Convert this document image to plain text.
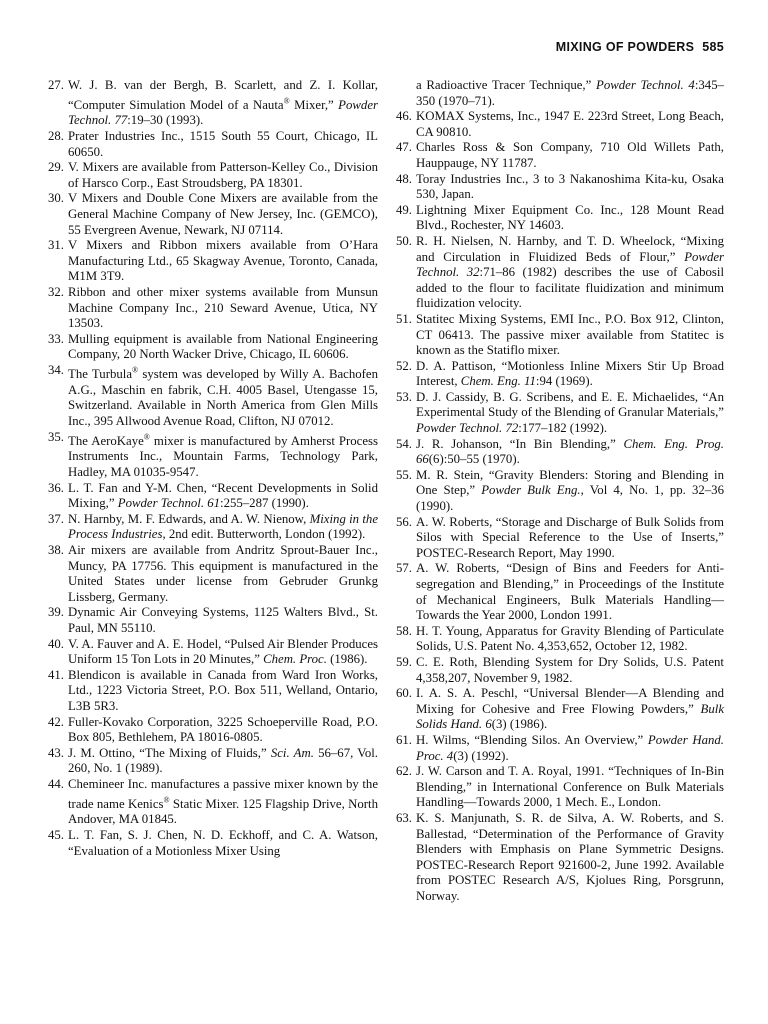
MIXING OF POWDERS 585
27. W. J. B. van der Bergh, B. Scarlett, and Z. I. Kollar, “Computer Simulation Model of a Nauta® Mixer,” Powder Technol. 77:19–30 (1993).
28. Prater Industries Inc., 1515 South 55 Court, Chicago, IL 60650.
29. V. Mixers are available from Patterson-Kelley Co., Division of Harsco Corp., East Stroudsberg, PA 18301.
30. V Mixers and Double Cone Mixers are available from the General Machine Company of New Jersey, Inc. (GEMCO), 55 Evergreen Avenue, Newark, NJ 07114.
31. V Mixers and Ribbon mixers available from O’Hara Manufacturing Ltd., 65 Skagway Avenue, Toronto, Canada, M1M 3T9.
32. Ribbon and other mixer systems available from Munsun Machine Company Inc., 210 Seward Avenue, Utica, NY 13503.
33. Mulling equipment is available from National Engineering Company, 20 North Wacker Drive, Chicago, IL 60606.
34. The Turbula® system was developed by Willy A. Bachofen A.G., Maschin en fabrik, C.H. 4005 Basel, Utengasse 15, Switzerland. Available in North America from Glen Mills Inc., 395 Allwood Avenue Road, Clifton, NJ 07012.
35. The AeroKaye® mixer is manufactured by Amherst Process Instruments Inc., Mountain Farms, Technology Park, Hadley, MA 01035-9547.
36. L. T. Fan and Y-M. Chen, “Recent Developments in Solid Mixing,” Powder Technol. 61:255–287 (1990).
37. N. Harnby, M. F. Edwards, and A. W. Nienow, Mixing in the Process Industries, 2nd edit. Butterworth, London (1992).
38. Air mixers are available from Andritz Sprout-Bauer Inc., Muncy, PA 17756. This equipment is manufactured in the United States under license from Gebruder Grunkg Lissberg, Germany.
39. Dynamic Air Conveying Systems, 1125 Walters Blvd., St. Paul, MN 55110.
40. V. A. Fauver and A. E. Hodel, “Pulsed Air Blender Produces Uniform 15 Ton Lots in 20 Minutes,” Chem. Proc. (1986).
41. Blendicon is available in Canada from Ward Iron Works, Ltd., 1223 Victoria Street, P.O. Box 511, Welland, Ontario, L3B 5R3.
42. Fuller-Kovako Corporation, 3225 Schoeperville Road, P.O. Box 805, Bethlehem, PA 18016-0805.
43. J. M. Ottino, “The Mixing of Fluids,” Sci. Am. 56–67, Vol. 260, No. 1 (1989).
44. Chemineer Inc. manufactures a passive mixer known by the trade name Kenics® Static Mixer. 125 Flagship Drive, North Andover, MA 01845.
45. L. T. Fan, S. J. Chen, N. D. Eckhoff, and C. A. Watson, “Evaluation of a Motionless Mixer Using
a Radioactive Tracer Technique,” Powder Technol. 4:345–350 (1970–71).
46. KOMAX Systems, Inc., 1947 E. 223rd Street, Long Beach, CA 90810.
47. Charles Ross & Son Company, 710 Old Willets Path, Hauppauge, NY 11787.
48. Toray Industries Inc., 3 to 3 Nakanoshima Kita-ku, Osaka 530, Japan.
49. Lightning Mixer Equipment Co. Inc., 128 Mount Read Blvd., Rochester, NY 14603.
50. R. H. Nielsen, N. Harnby, and T. D. Wheelock, “Mixing and Circulation in Fluidized Beds of Flour,” Powder Technol. 32:71–86 (1982) describes the use of Cabosil added to the flour to facilitate fluidization and minimum fluidization velocity.
51. Statitec Mixing Systems, EMI Inc., P.O. Box 912, Clinton, CT 06413. The passive mixer available from Statitec is known as the Statiflo mixer.
52. D. A. Pattison, “Motionless Inline Mixers Stir Up Broad Interest, Chem. Eng. 11:94 (1969).
53. D. J. Cassidy, B. G. Scribens, and E. E. Michaelides, “An Experimental Study of the Blending of Granular Materials,” Powder Technol. 72:177–182 (1992).
54. J. R. Johanson, “In Bin Blending,” Chem. Eng. Prog. 66(6):50–55 (1970).
55. M. R. Stein, “Gravity Blenders: Storing and Blending in One Step,” Powder Bulk Eng., Vol 4, No. 1, pp. 32–36 (1990).
56. A. W. Roberts, “Storage and Discharge of Bulk Solids from Silos with Special Reference to the Use of Inserts,” POSTEC-Research Report, May 1990.
57. A. W. Roberts, “Design of Bins and Feeders for Anti-segregation and Blending,” in Proceedings of the Institute of Mechanical Engineers, Bulk Materials Handling—Towards the Year 2000, London 1991.
58. H. T. Young, Apparatus for Gravity Blending of Particulate Solids, U.S. Patent No. 4,353,652, October 12, 1982.
59. C. E. Roth, Blending System for Dry Solids, U.S. Patent 4,358,207, November 9, 1982.
60. I. A. S. A. Peschl, “Universal Blender—A Blending and Mixing for Cohesive and Free Flowing Powders,” Bulk Solids Hand. 6(3) (1986).
61. H. Wilms, “Blending Silos. An Overview,” Powder Hand. Proc. 4(3) (1992).
62. J. W. Carson and T. A. Royal, 1991. “Techniques of In-Bin Blending,” in International Conference on Bulk Materials Handling—Towards 2000, 1 Mech. E., London.
63. K. S. Manjunath, S. R. de Silva, A. W. Roberts, and S. Ballestad, “Determination of the Performance of Gravity Blenders with Emphasis on Plane Symmetric Designs. POSTEC-Research Report 921600-2, June 1992. Available from POSTEC Research A/S, Kjolues Ring, Porsgrunn, Norway.
